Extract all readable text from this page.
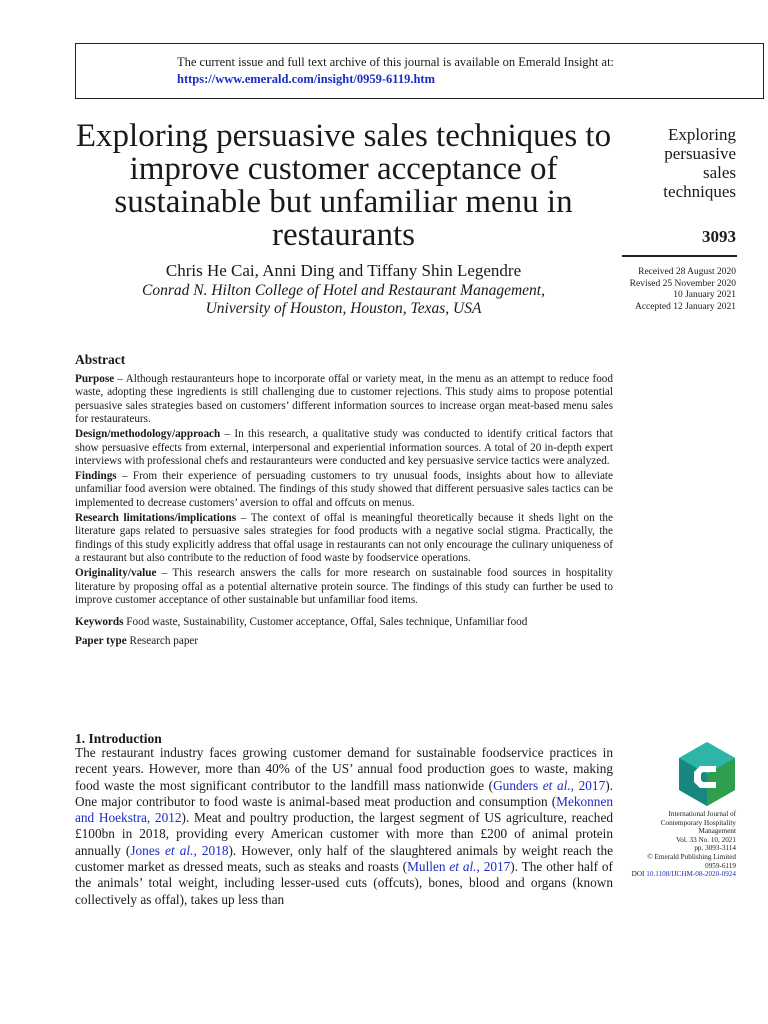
The current issue and full text archive of this journal is available on Emerald Insight at:
https://www.emerald.com/insight/0959-6119.htm
Exploring persuasive sales techniques to improve customer acceptance of sustainable but unfamiliar menu in restaurants
Chris He Cai, Anni Ding and Tiffany Shin Legendre
Conrad N. Hilton College of Hotel and Restaurant Management,
University of Houston, Houston, Texas, USA
Exploring
persuasive
sales
techniques
3093
Received 28 August 2020
Revised 25 November 2020
10 January 2021
Accepted 12 January 2021
Abstract

Purpose – Although restauranteurs hope to incorporate offal or variety meat, in the menu as an attempt to reduce food waste, adopting these ingredients is still challenging due to customer rejections. This study aims to propose potential persuasive sales strategies based on customers’ different information sources to increase organ meat-based menu sales for restaurateurs.

Design/methodology/approach – In this research, a qualitative study was conducted to identify critical factors that show persuasive effects from external, interpersonal and experiential information sources. A total of 20 in-depth expert interviews with professional chefs and restauranteurs were conducted and key persuasive service tactics were analyzed.

Findings – From their experience of persuading customers to try unusual foods, insights about how to alleviate unfamiliar food aversion were obtained. The findings of this study showed that different persuasive sales tactics can be implemented to decrease customers’ aversion to offal and offcuts on menus.

Research limitations/implications – The context of offal is meaningful theoretically because it sheds light on the literature gaps related to persuasive sales strategies for food products with a negative social stigma. Practically, the findings of this study explicitly address that offal usage in restaurants can not only encourage the culinary uniqueness of a restaurant but also contribute to the reduction of food waste by foodservice operations.

Originality/value – This research answers the calls for more research on sustainable food sources in hospitality literature by proposing offal as a potential alternative protein source. The findings of this study can further be used to improve customer acceptance of other sustainable but unfamiliar food items.

Keywords Food waste, Sustainability, Customer acceptance, Offal, Sales technique, Unfamiliar food

Paper type Research paper

1. Introduction

The restaurant industry faces growing customer demand for sustainable foodservice practices in recent years. However, more than 40% of the US’ annual food production goes to waste, making food waste the most significant contributor to the landfill mass nationwide (Gunders et al., 2017). One major contributor to food waste is animal-based meat production and consumption (Mekonnen and Hoekstra, 2012). Meat and poultry production, the largest segment of US agriculture, reached £100bn in 2018, providing every American customer with more than £200 of animal protein annually (Jones et al., 2018). However, only half of the slaughtered animals by weight reach the customer market as dressed meats, such as steaks and roasts (Mullen et al., 2017). The other half of the animals’ total weight, including lesser-used cuts (offcuts), bones, blood and organs (known collectively as offal), takes up less than

International Journal of
Contemporary Hospitality
Management
Vol. 33 No. 10, 2021
pp. 3093-3114
© Emerald Publishing Limited
0959-6119
DOI 10.1108/IJCHM-08-2020-0924
